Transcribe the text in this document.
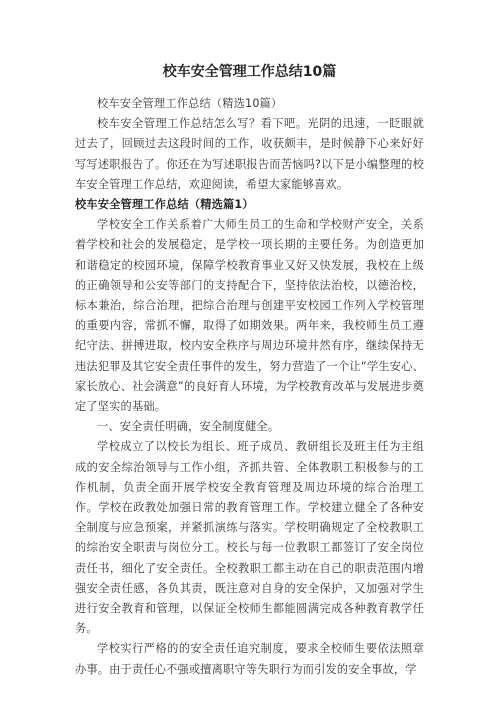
校车安全管理工作总结10篇

校车安全管理工作总结（精选10篇）

校车安全管理工作总结怎么写？看下吧。光阴的迅速，一眨眼就过去了，回顾过去这段时间的工作，收获颇丰，是时候静下心来好好写写述职报告了。你还在为写述职报告而苦恼吗?以下是小编整理的校车安全管理工作总结，欢迎阅读，希望大家能够喜欢。

校车安全管理工作总结（精选篇1）

学校安全工作关系着广大师生员工的生命和学校财产安全，关系着学校和社会的发展稳定，是学校一项长期的主要任务。为创造更加和谐稳定的校园环境，保障学校教育事业又好又快发展，我校在上级的正确领导和公安等部门的支持配合下，坚持依法治校，以德治校，标本兼治，综合治理，把综合治理与创建平安校园工作列入学校管理的重要内容，常抓不懈，取得了如期效果。两年来，我校师生员工遵纪守法、拼搏进取，校内安全秩序与周边环境井然有序，继续保持无违法犯罪及其它安全责任事件的发生，努力营造了一个让“学生安心、家长放心、社会满意”的良好育人环境，为学校教育改革与发展进步奠定了坚实的基础。

一、安全责任明确，安全制度健全。

学校成立了以校长为组长、班子成员、教研组长及班主任为主组成的安全综治领导与工作小组，齐抓共管、全体教职工积极参与的工作机制，负责全面开展学校安全教育管理及周边环境的综合治理工作。学校在政教处加强日常的教育管理工作。学校建立健全了各种安全制度与应急预案，并紧抓演练与落实。学校明确规定了全校教职工的综治安全职责与岗位分工。校长与每一位教职工都签订了安全岗位责任书，细化了安全责任。全校教职工都主动在自己的职责范围内增强安全责任感，各负其责，既注意对自身的安全保护，又加强对学生进行安全教育和管理，以保证全校师生都能圆满完成各种教育教学任务。

学校实行严格的的安全责任追究制度，要求全校师生要依法照章办事。由于责任心不强或擅离职守等失职行为而引发的安全事故，学
